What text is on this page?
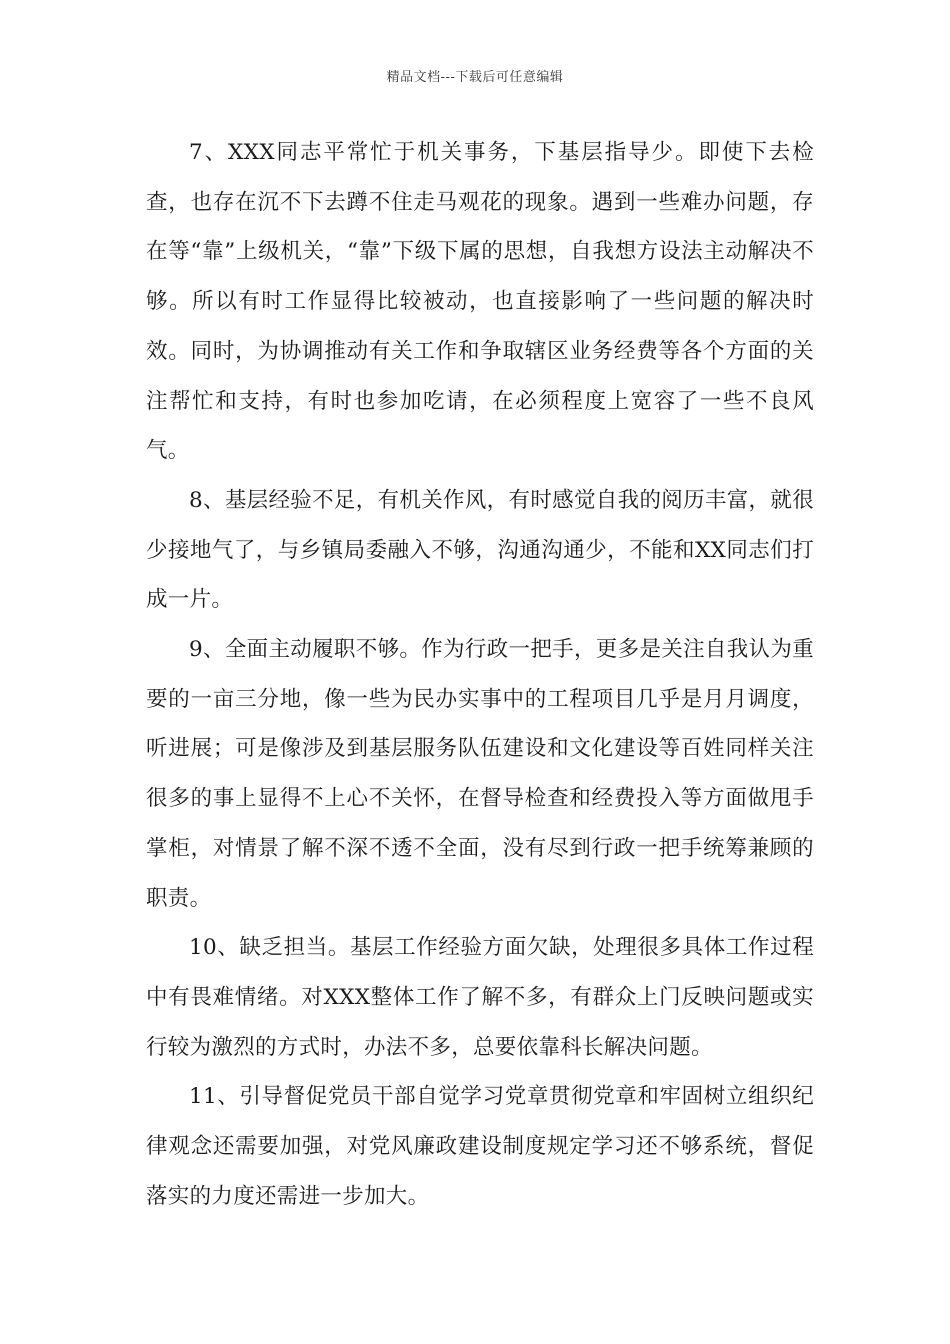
精品文档---下载后可任意编辑

7、XXX同志平常忙于机关事务，下基层指导少。即使下去检查，也存在沉不下去蹲不住走马观花的现象。遇到一些难办问题，存在等“靠”上级机关，“靠”下级下属的思想，自我想方设法主动解决不够。所以有时工作显得比较被动，也直接影响了一些问题的解决时效。同时，为协调推动有关工作和争取辖区业务经费等各个方面的关注帮忙和支持，有时也参加吃请，在必须程度上宽容了一些不良风气。

8、基层经验不足，有机关作风，有时感觉自我的阅历丰富，就很少接地气了，与乡镇局委融入不够，沟通沟通少，不能和XX同志们打成一片。

9、全面主动履职不够。作为行政一把手，更多是关注自我认为重要的一亩三分地，像一些为民办实事中的工程项目几乎是月月调度，听进展；可是像涉及到基层服务队伍建设和文化建设等百姓同样关注很多的事上显得不上心不关怀，在督导检查和经费投入等方面做甩手掌柜，对情景了解不深不透不全面，没有尽到行政一把手统筹兼顾的职责。

10、缺乏担当。基层工作经验方面欠缺，处理很多具体工作过程中有畏难情绪。对XXX整体工作了解不多，有群众上门反映问题或实行较为激烈的方式时，办法不多，总要依靠科长解决问题。

11、引导督促党员干部自觉学习党章贯彻党章和牢固树立组织纪律观念还需要加强，对党风廉政建设制度规定学习还不够系统，督促落实的力度还需进一步加大。
